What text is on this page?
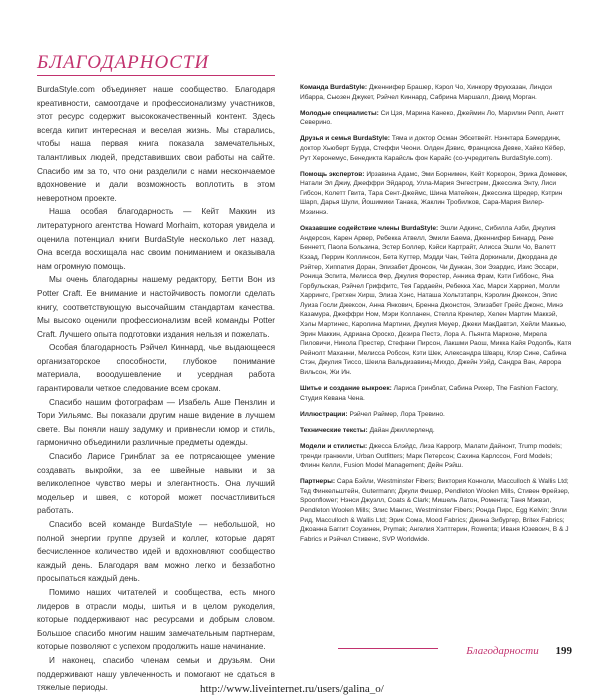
БЛАГОДАРНОСТИ

BurdaStyle.com объединяет наше сообщество. Благодаря креативности, самоотдаче и профессионализму участников, этот ресурс содержит высококачественный контент. Здесь всегда кипит интересная и веселая жизнь. Мы старались, чтобы наша первая книга показала замечательных, талантливых людей, представивших свои работы на сайте. Спасибо им за то, что они разделили с нами нескончаемое вдохновение и дали возможность воплотить в этом неверотном проекте.

Наша особая благодарность — Кейт Маккин из литературного агентства Howard Morhaim, которая увидела и оценила потенциал книги BurdaStyle несколько лет назад. Она всегда восхищала нас своим пониманием и оказывала нам огромную помощь.

Мы очень благодарны нашему редактору, Бетти Вон из Potter Craft. Ее внимание и настойчивость помогли сделать книгу, соответствующую высочайшим стандартам качества. Мы высоко оценили профессионализм всей команды Potter Craft. Лучшего опыта подготовки издания нельзя и пожелать.

Особая благодарность Рэйчел Киннард, чье выдающееся организаторское способности, глубокое понимание материала, вооодушевление и усердная работа гарантировали четкое следование всем срокам.

Спасибо нашим фотографам — Изабель Аше Пензлин и Тори Уильямс. Вы показали другим наше видение в лучшем свете. Вы поняли нашу задумку и привнесли юмор и стиль, гармонично объединили различные предметы одежды.

Спасибо Ларисе Гринблат за ее потрясающее умение создавать выкройки, за ее швейные навыки и за великолепное чувство меры и элегантность. Она лучший модельер и швея, с которой может посчастливиться работать.

Спасибо всей команде BurdaStyle — небольшой, но полной энергии группе друзей и коллег, которые дарят бесчисленное количество идей и вдохновляют сообщество каждый день. Благодаря вам можно легко и беззаботно проcыпаться каждый день.

Помимо наших читателей и сообщества, есть много лидеров в отрасли моды, шитья и в целом рукоделия, которые поддерживают нас ресурсами и добрым словом. Большое спасибо многим нашим замечательным партнерам, которые позволяют с успехом продолжить наше начинание.

И наконец, спасибо членам семьи и друзьям. Они поддерживают нашу увлеченность и помогают не сдаться в тяжелые периоды.

Команда BurdaStyle: Дженнифер Брашер, Кэрол Чо, Хинкору Фрукхазан, Линдси Ибарра, Сьюзен Джукет, Рэйчел Киннард, Сабрина Маршалл, Дэвид Морган.

Молодые специалисты: Си Цзя, Марина Канеко, Джеймин Ло, Марилин Репп, Анетт Северино.

Друзья и семья BurdaStyle: Тяма и доктор Осман Эбсетвейт. Нэннтара Бэмердинк, доктор Хьюберт Бурда, Стеффи Чеони. Олден Дэвис, Франциска Девке, Хайко Кёбер, Рут Херонемус, Бенедикта Карайсль фон Карайс (со-учредитель BurdaStyle.com).

Помощь экспертов: Ирзавина Адамс, Эми Борнимен, Кейт Коркорон, Эрика Домевек, Натали Эл Джиу, Джеффри Эйдарод, Улла-Мария Энгестрем, Джессика Энту, Лиси Гибсон, Колетт Гвита, Тара Сент-Джеймс, Шина Матейкен, Джессика Шредер, Кэтрин Шарп, Дарья Шули, Йошимики Танака, Жаклин Тробилков, Сара-Мария Вилер-Мэзиннэ.

Оказавшие содействие члены BurdaStyle: Эшли Адкинс, Сибилла Азби, Джулия Андерсон, Карен Арвер, Ребекка Атвелл, Эмили Баема, Дженнифер Бинард, Рене Беннетт, Паола Бользина, Эстер Боллер, Кэйси Картрайт, Алисса Эшли Чо, Валетт Кэзад, Перрин Коллинсон, Бета Куттер, Мэдди Чан, Тейта Доркинали, Джордана де Рэйтер, Хиппатия Доран, Элизабет Дронсон, Чи Дункан, Зои Эзардис, Изис Эссари, Роница Эспита, Мелисса Фер, Джулия Форестер, Анника Фрам, Кэти Гиббонс, Яна Горбульская, Рэйчел Гриффитс, Тея Гардаейн, Ребекка Хас, Марси Харриел, Молли Харрингс, Гретхен Хирш, Элиза Хэнс, Наташа Хольтзтапрн, Кэролин Джексон, Элис Луиза Госли Джексон, Анна Янкович, Бренна Джонстон, Элизабет Грейс Джонс, Минэ Казамура, Джеффри Ном, Мэри Колланен, Стелла Кренлер, Хелен Мартин Маккэй, Хэлы Мартинес, Каролина Мартини, Джулия Меуер, Джеки МакДавтэл, Хейли Маккью, Эрин Маккин, Адриана Ороско, Дезира Пестэ, Лора А. Пьянта Марконе, Мирела Пиловичи, Никола Престер, Стефани Пирсон, Лакшми Раош, Микка Кайя Родолбь, Катя Рейнолт Маханни, Мелисса Робсон, Кэти Шек, Александра Шварц, Клэр Сине, Сабина Стэн, Джулия Тиссо, Шеила Вальдизавинц-Михдо, Джейн Уэйд, Сандра Ван, Аврора Вильсон, Жи Ин.

Шитье и создание выкроек: Лариса Гринблат, Сабина Рихер, The Fashion Factory, Студия Кевана Чена.

Иллюстрации: Рэйчел Раймер, Лора Тревино.

Технические тексты: Дайан Джиллерленд.

Модели и стилисты: Джесса Блэйдс, Лиза Каррогр, Малати Дайнонт, Trump models; тренди гранжили, Urban Outfitters; Марк Петерсон; Сахина Карлссон, Ford Models; Флинн Келли, Fusion Model Management; Дейн Рэйш.

Партнеры: Сара Бэйли, Westminster Fibers; Виктория Конноли, Macculloch & Wallis Ltd; Тед Финкельштейн, Gutermann; Джули Фишер, Pendleton Woolen Mills, Стивен Фрейзер, Spoonflower; Нэнси Джуэлл, Coats & Clark; Мишель Латон, Ромента; Таня Мэквэл, Pendleton Woolen Mills; Элис Мангис, Westminster Fibers; Ронда Пирс, Egg Kelvin; Элли Рид, Macculloch & Wallis Ltd; Эрик Сома, Mood Fabrics; Джина Зибургер, Britex Fabrics; Джоанна Баггит Соузинен, Prymak; Ангелия Хэлтгерин, Rowenta; Иваня Юзевоич, В & J Fabrics и Рэйчел Стивенс, SVP Worldwide.

Благодарности 199
http://www.liveinternet.ru/users/galina_o/
